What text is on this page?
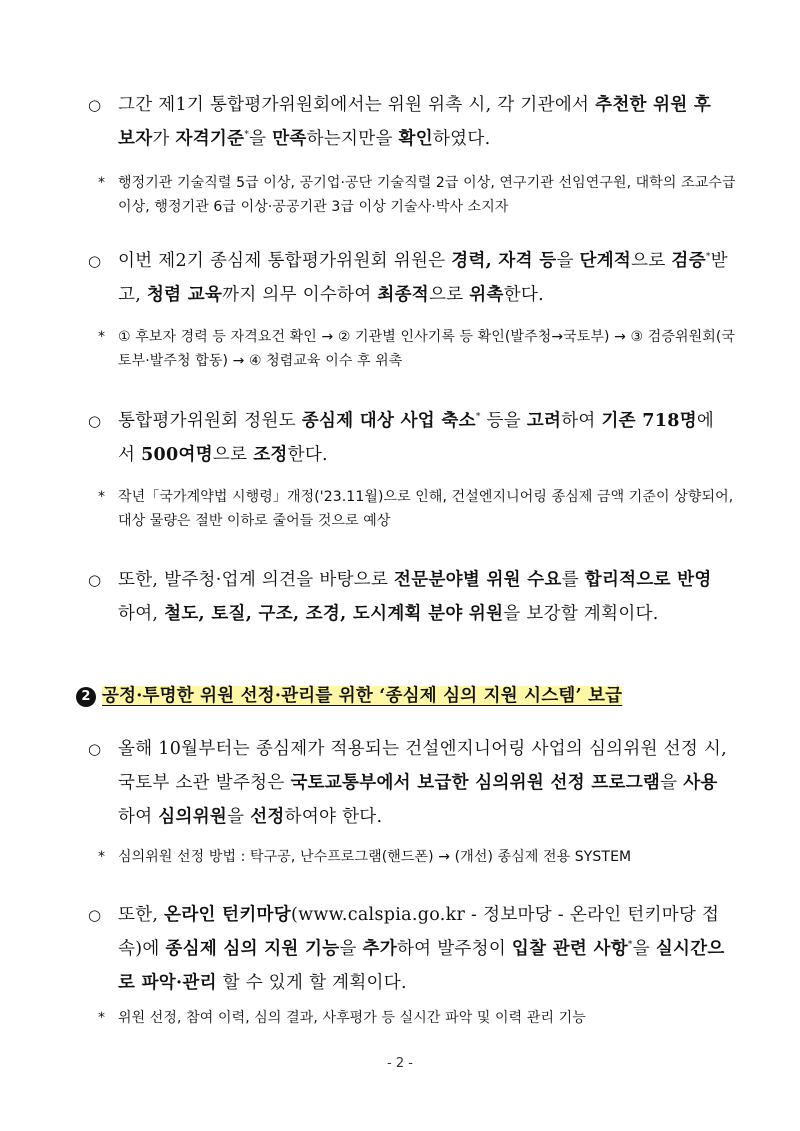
○ 그간 제1기 통합평가위원회에서는 위원 위촉 시, 각 기관에서 추천한 위원 후보자가 자격기준*을 만족하는지만을 확인하였다.
* 행정기관 기술직렬 5급 이상, 공기업·공단 기술직렬 2급 이상, 연구기관 선임연구원, 대학의 조교수급 이상, 행정기관 6급 이상·공공기관 3급 이상 기술사·박사 소지자
○ 이번 제2기 종심제 통합평가위원회 위원은 경력, 자격 등을 단계적으로 검증*받고, 청렴 교육까지 의무 이수하여 최종적으로 위촉한다.
* ① 후보자 경력 등 자격요건 확인 → ② 기관별 인사기록 등 확인(발주청→국토부) → ③ 검증위원회(국토부·발주청 합동) → ④ 청렴교육 이수 후 위촉
○ 통합평가위원회 정원도 종심제 대상 사업 축소* 등을 고려하여 기존 718명에서 500여명으로 조정한다.
* 작년「국가계약법 시행령」개정('23.11월)으로 인해, 건설엔지니어링 종심제 금액 기준이 상향되어, 대상 물량은 절반 이하로 줄어들 것으로 예상
○ 또한, 발주청·업계 의견을 바탕으로 전문분야별 위원 수요를 합리적으로 반영하여, 철도, 토질, 구조, 조경, 도시계획 분야 위원을 보강할 계획이다.
2 공정·투명한 위원 선정·관리를 위한 ‘종심제 심의 지원 시스템’ 보급
○ 올해 10월부터는 종심제가 적용되는 건설엔지니어링 사업의 심의위원 선정 시, 국토부 소관 발주청은 국토교통부에서 보급한 심의위원 선정 프로그램을 사용하여 심의위원을 선정하여야 한다.
* 심의위원 선정 방법 : 탁구공, 난수프로그램(핸드폰) → (개선) 종심제 전용 SYSTEM
○ 또한, 온라인 턴키마당(www.calspia.go.kr - 정보마당 - 온라인 턴키마당 접속)에 종심제 심의 지원 기능을 추가하여 발주청이 입찰 관련 사항*을 실시간으로 파악·관리 할 수 있게 할 계획이다.
* 위원 선정, 참여 이력, 심의 결과, 사후평가 등 실시간 파악 및 이력 관리 기능
- 2 -
